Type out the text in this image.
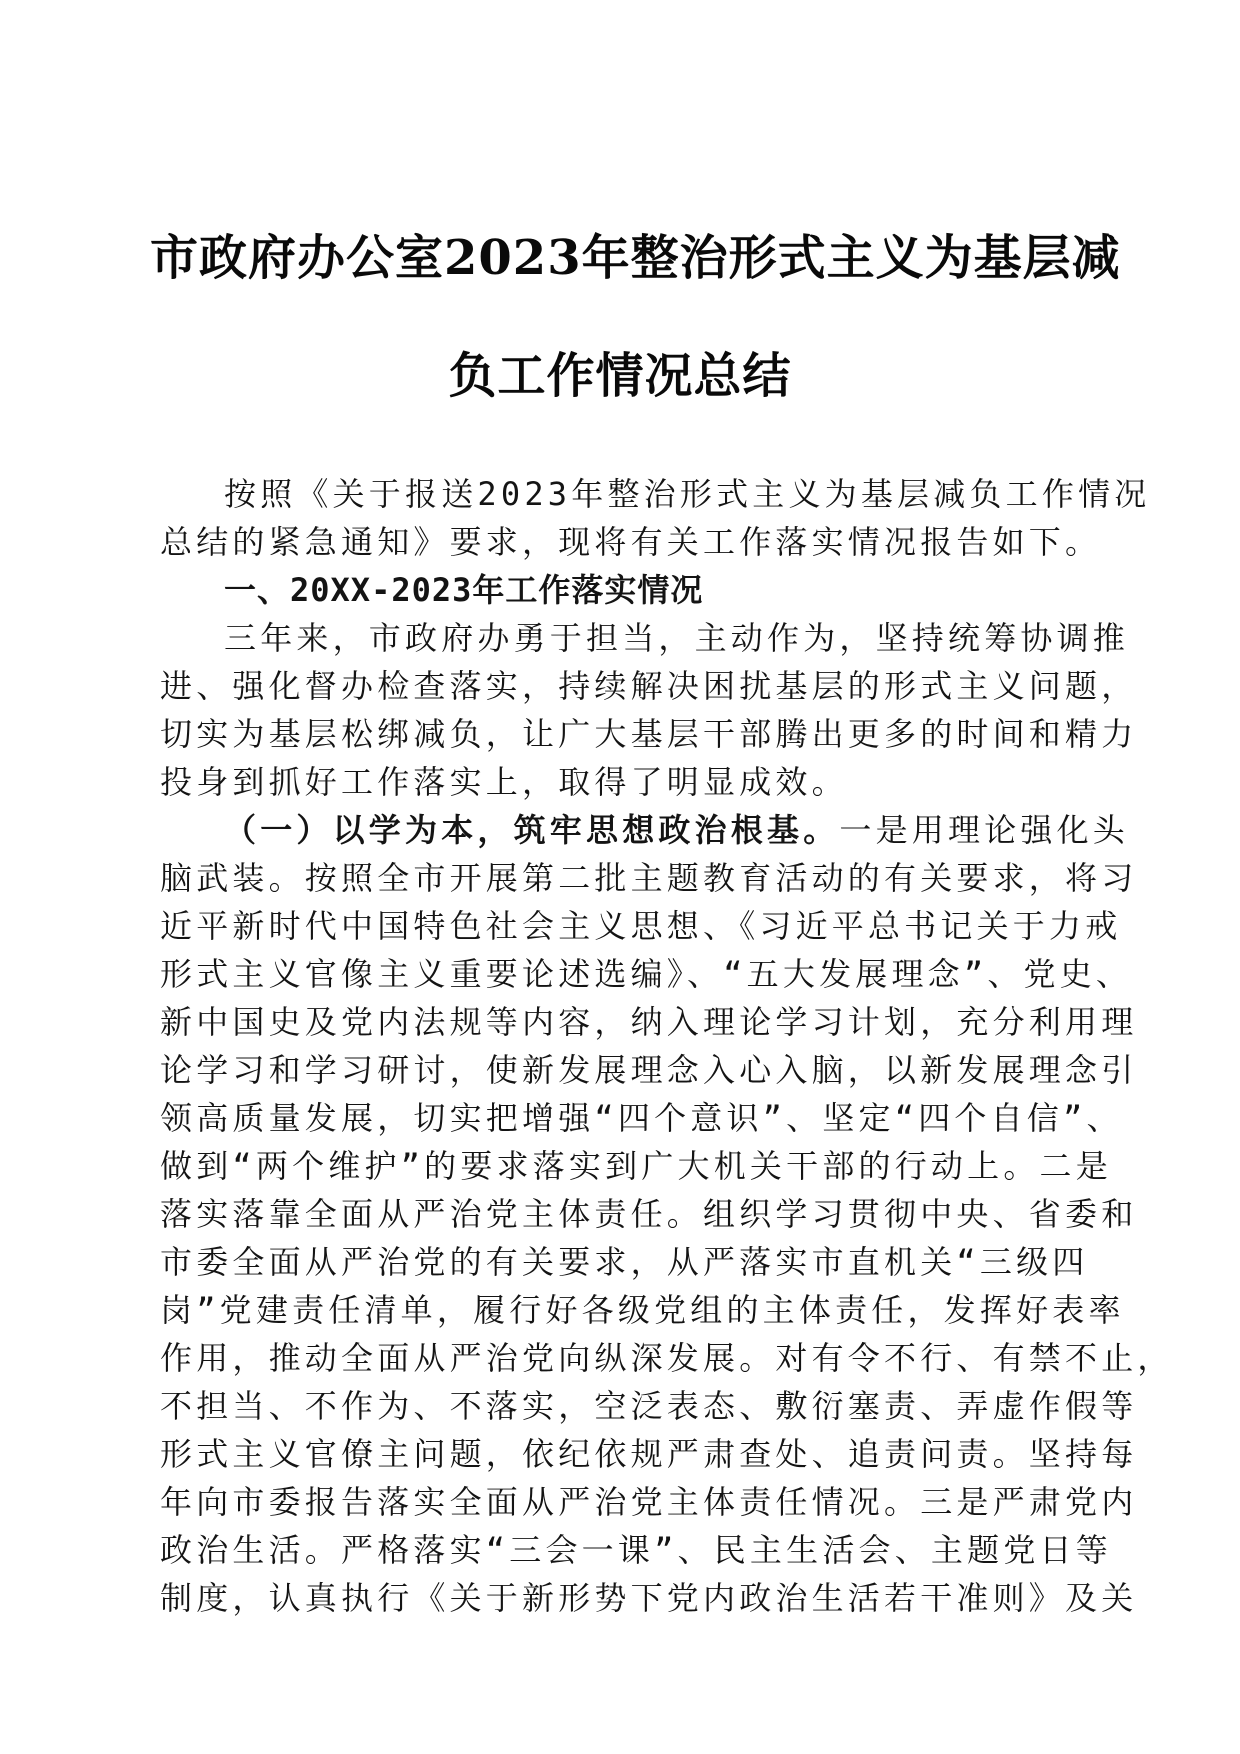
市政府办公室2023年整治形式主义为基层减
负工作情况总结
按照《关于报送2023年整治形式主义为基层减负工作情况
总结的紧急通知》要求，现将有关工作落实情况报告如下。
一、20XX-2023年工作落实情况
三年来，市政府办勇于担当，主动作为，坚持统筹协调推
进、强化督办检查落实，持续解决困扰基层的形式主义问题，
切实为基层松绑减负，让广大基层干部腾出更多的时间和精力
投身到抓好工作落实上，取得了明显成效。
（一）以学为本，筑牢思想政治根基。一是用理论强化头
脑武装。按照全市开展第二批主题教育活动的有关要求，将习
近平新时代中国特色社会主义思想、《习近平总书记关于力戒
形式主义官像主义重要论述选编》、“五大发展理念”、党史、
新中国史及党内法规等内容，纳入理论学习计划，充分利用理
论学习和学习研讨，使新发展理念入心入脑，以新发展理念引
领高质量发展，切实把增强“四个意识”、坚定“四个自信”、
做到“两个维护”的要求落实到广大机关干部的行动上。二是
落实落靠全面从严治党主体责任。组织学习贯彻中央、省委和
市委全面从严治党的有关要求，从严落实市直机关“三级四
岗”党建责任清单，履行好各级党组的主体责任，发挥好表率
作用，推动全面从严治党向纵深发展。对有令不行、有禁不止，
不担当、不作为、不落实，空泛表态、敷衍塞责、弄虚作假等
形式主义官僚主问题，依纪依规严肃查处、追责问责。坚持每
年向市委报告落实全面从严治党主体责任情况。三是严肃党内
政治生活。严格落实“三会一课”、民主生活会、主题党日等
制度，认真执行《关于新形势下党内政治生活若干准则》及关
